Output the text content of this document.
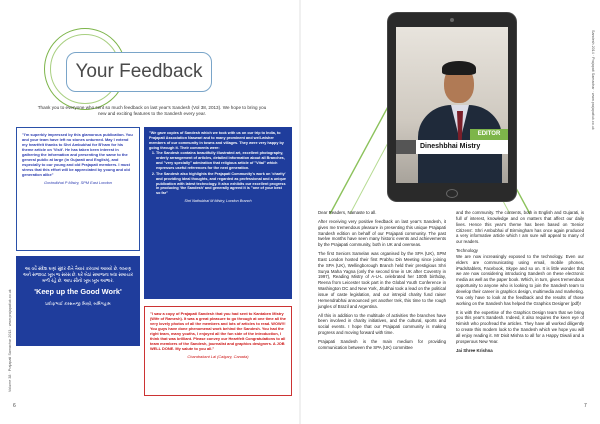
Volume 38 · Prajapati Samachar 2013 · www.prajapatiuk.co.uk
6
Your Feedback
Thank you to everyone who sent so much feedback on last year's Sandesh (Vol 38, 2013). We hope to bring you new and exciting features to the Sandesh every year.
"I'm superbly impressed by this glamorous publication. You and your team have left no stones unturned. May I extend my heartfelt thanks to Shri Ambubhai for B'ham for his theme article on 'Visit'. He has taken keen interest in gathering the information and presenting the same to the general public at large (in Gujarati and English), and especially to our young and old Prajapati members. I must stress that this effort will be appreciated by young and old generation alike"
Govindbhai P Mistry, SPM East London
"We gave copies of Sandesh which we took with us on our trip to India, to Prajapati Association Naswari and to many prominent and well-wisher members of our community in towns and villages. They were very happy by going through it. Their comments were:
1. The Sandesh contains beautifully illustrated art, excellent photography, orderly arrangement of articles, detailed information about all Branches, and "very specially" admiration that religious article of "Vital" which expresses useful references for the next generation.
2. The Sandesh also highlights the Prajapati Community's work on 'charity' and providing ideal thoughts, and regarded as professional and a unique publication with latest technology. It also exhibits our excellent progress in producing 'the Sandesh' and generally agreed it is "one of your best so far"
Shri Nathubhai M Mistry, London Branch
આ વર્ષે સંદેશ ઘણાં સુંદર રીતે તૈયાર કરવામાં આવ્યો છે. લખાણ અને સજાવટ ખૂબ જ સરસ છે. ઘરે બેઠાં સમાજના બધા સમાચાર મળી રહે છે. આપ સૌનો ખૂબ ખૂબ આભાર.
'Keep up the Good Work'
પ્રવીણભાઈ કરસનજી મિસ્ત્રી, બર્મિંગહામ
"I saw a copy of Prajapati Sandesh that you had sent to Kantaben Mistry (Wife of Ramesh). It was a great pleasure to go through at one time all the very lovely photos of all the members and lots of articles to read. WOW!!! You guys have done phenomenal work behind the Sandesh. You had the right team, many youths, I enjoyed all the fun side of the introduction, I think that was brilliant. Please convey our Heartfelt Congratulations to all team members of the Sandesh, journalist and graphics designers. A JOB WELL DONE. My salute to you all."
Chandrakant Lal (Calgary, Canada)
EDITOR
Dineshbhai Mistry

Dear Readers, Namaste to all.

After receiving very positive feedback on last year's Sandesh, it gives me tremendous pleasure in presenting this unique Prajapati Sandesh edition on behalf of our Prajapati community. The past twelve months have seen many historic events and achievements by the Prajapati community, both in UK and overseas.

The first Seniors Samelan was organised by the SPA (UK), SPM East London hosted their first Prabhu Din Meeting since joining the SPA (UK), Wellingborough Branch held their prestigious Shri Surya Maha Yagna (only the second time in UK after Coventry in 1997), Reading Mistry of A-U-L celebrated her 100th birthday, Reena from Leicester took part in the Global Youth Conference in Washington DC and New York, Jitubhai took a lead on the political issue of caste legislation, and our intrepid charity fund raiser Hemendrabhai announced yet another trek, this time to the rough jungles of Brazil and Argentina.

All this in addition to the multitude of activities the branches have been involved in charity initiatives, and the cultural, sports and social events. I hope that our Prajapati community is making progress and moving forward with time.

Prajapati Sandesh is the main medium for providing communication between the SPA (UK) committee

and the community. The contents, both in English and Gujarati, is full of interest, knowledge and on matters that affect our daily lives. Hence this year's theme has been based on 'Senior Citizens'. Shri Ambubhai of Birmingham has once again produced a very informative article which I am sure will appeal to many of our readers.

Technology

We are now increasingly exposed to the technology. Even our elders are communicating using email, mobile phones, iPads/tablets, Facebook, Skype and so on. It is little wonder that we are now considering introducing Sandesh on these electronic media as well as the paper book. Which, in turn, gives tremendous opportunity to anyone who is looking to join the Sandesh team to develop their career in graphics design, multimedia and marketing. You only have to look at the feedback and the results of those working on the Sandesh has helped the Graphics Designer (pdf)!

It is with the expertise of the Graphics Design team that we bring you this year's Sandesh. Indeed, it also requires the keen eye of Nimish who proofread the articles. They have all worked diligently to create this modern look to the Sandesh which we hope you will all enjoy reading it. Mr Dixit Mishra to all for a Happy Diwali and a prosperous New Year.

Jai Shree Krishna

Sandesh 2014 · Prajapati Samachar · www.prajapatiuk.co.uk
7
